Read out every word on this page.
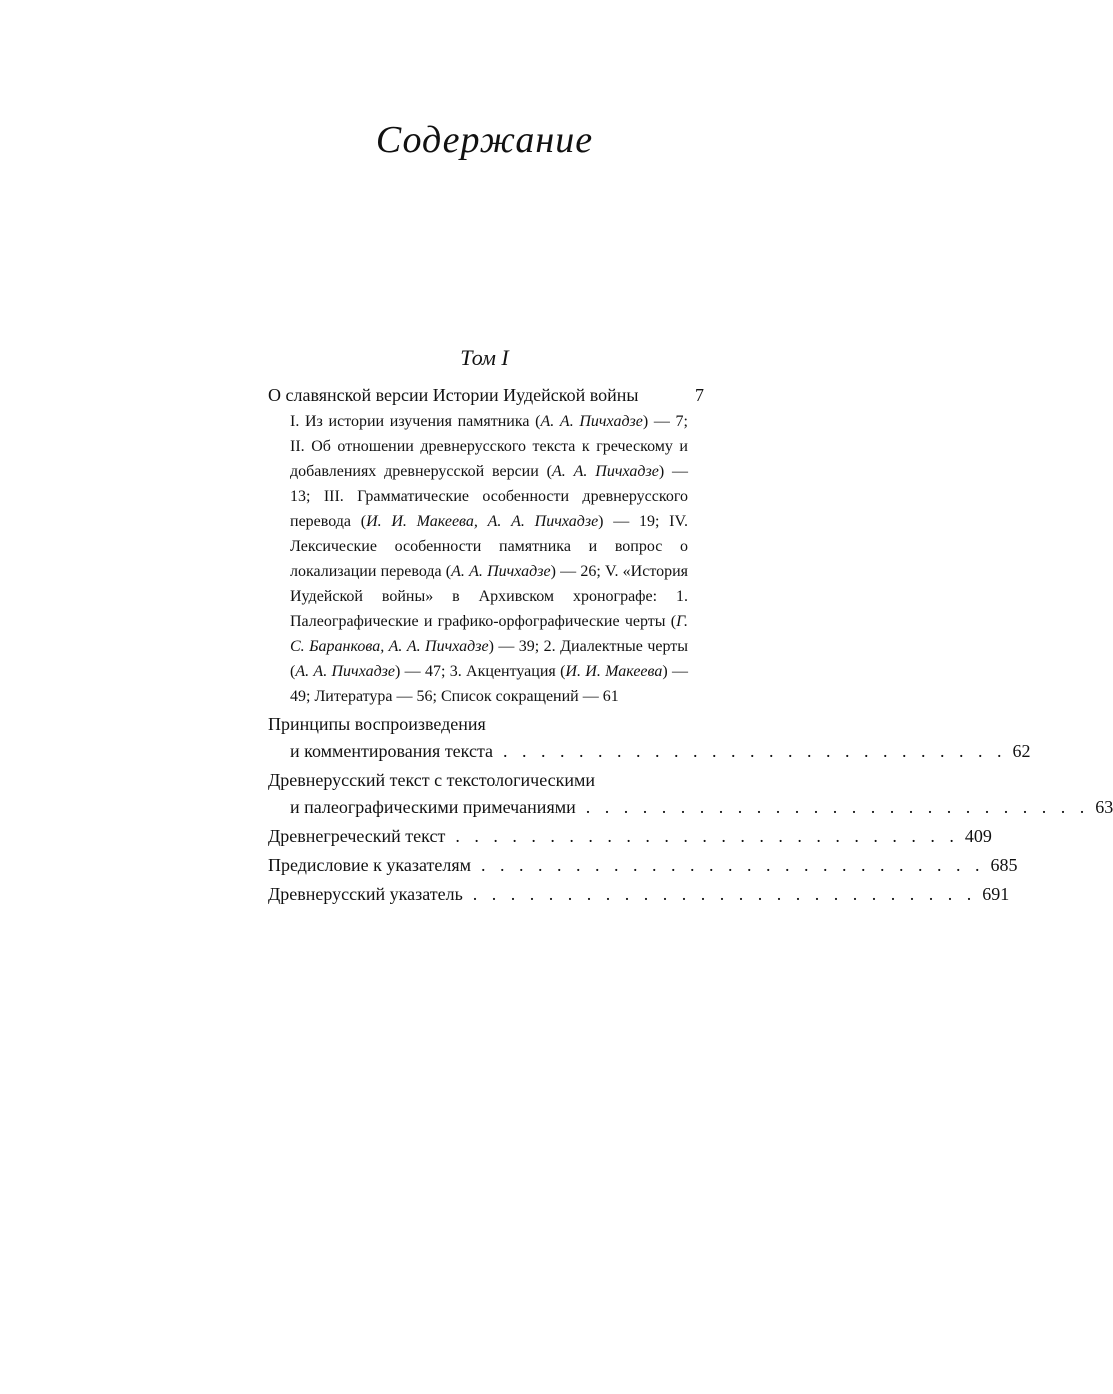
Содержание
Том I
О славянской версии Истории Иудейской войны	7
I. Из истории изучения памятника (А. А. Пичхадзе) — 7; II. Об отношении древнерусского текста к греческому и добавлениях древнерусской версии (А. А. Пичхадзе) — 13; III. Грамматические особенности древнерусского перевода (И. И. Макеева, А. А. Пичхадзе) — 19; IV. Лексические особенности памятника и вопрос о локализации перевода (А. А. Пичхадзе) — 26; V. «История Иудейской войны» в Архивском хронографе: 1. Палеографические и графико-орфографические черты (Г. С. Баранкова, А. А. Пичхадзе) — 39; 2. Диалектные черты (А. А. Пичхадзе) — 47; 3. Акцентуация (И. И. Макеева) — 49; Литература — 56; Список сокращений — 61
Принципы воспроизведения
и комментирования текста . . . . . . . . . . . . . . . . . . . . . . . . . . . 62
Древнерусский текст с текстологическими
и палеографическими примечаниями . . . . . . . . . . . . . . . . . . . . . . . . . . . 63
Древнегреческий текст . . . . . . . . . . . . . . . . . . . . . . . . . . . 409
Предисловие к указателям . . . . . . . . . . . . . . . . . . . . . . . . . . . 685
Древнерусский указатель . . . . . . . . . . . . . . . . . . . . . . . . . . . 691
